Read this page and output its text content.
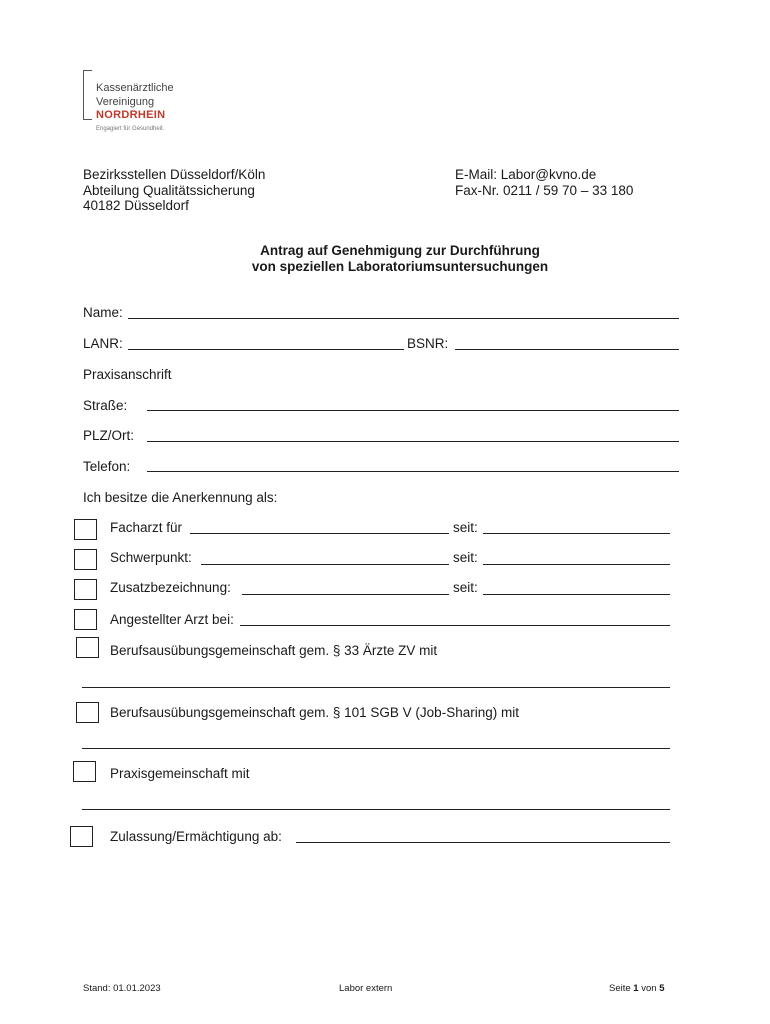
Kassenärztliche
Vereinigung
NORDRHEIN
Engagiert für Gesundheit.
Bezirksstellen Düsseldorf/Köln
Abteilung Qualitätssicherung
40182 Düsseldorf
E-Mail: Labor@kvno.de
Fax-Nr. 0211 / 59 70 – 33 180
Antrag auf Genehmigung zur Durchführung
von speziellen Laboratoriumsuntersuchungen
Name:
LANR:	BSNR:
Praxisanschrift
Straße:
PLZ/Ort:
Telefon:
Ich besitze die Anerkennung als:
Facharzt für	seit:
Schwerpunkt:	seit:
Zusatzbezeichnung:	seit:
Angestellter Arzt bei:
Berufsausübungsgemeinschaft gem. § 33 Ärzte ZV mit
Berufsausübungsgemeinschaft gem. § 101 SGB V (Job-Sharing) mit
Praxisgemeinschaft mit
Zulassung/Ermächtigung ab:
Stand: 01.01.2023	Labor extern	Seite 1 von 5
